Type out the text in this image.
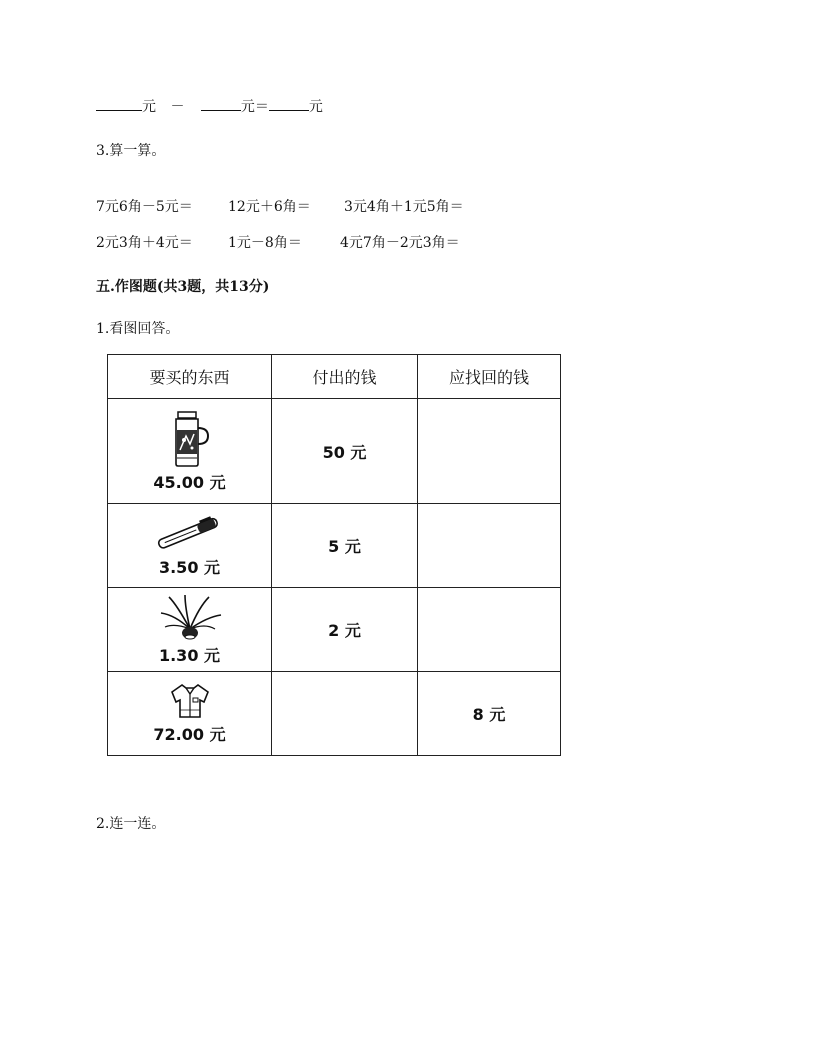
元 －	元＝	元
3.算一算。
7元6角－5元＝	12元＋6角＝ 3元4角＋1元5角＝
2元3角＋4元＝	1元－8角＝	4元7角－2元3角＝
五.作图题(共3题，共13分)
1.看图回答。
要买的东西	付出的钱	应找回的钱

45.00 元	50 元	

3.50 元	5 元	

1.30 元	2 元	

72.00 元		8 元
2.连一连。
